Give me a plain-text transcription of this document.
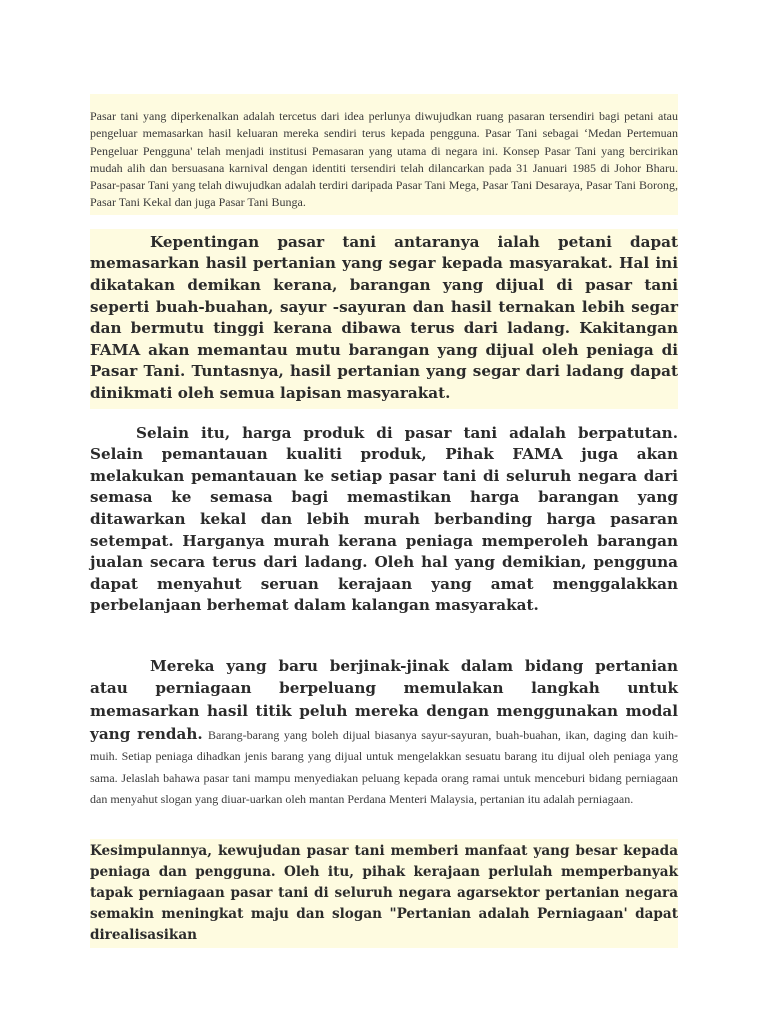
Pasar tani yang diperkenalkan adalah tercetus dari idea perlunya diwujudkan ruang pasaran tersendiri bagi petani atau pengeluar memasarkan hasil keluaran mereka sendiri terus kepada pengguna. Pasar Tani sebagai ‘Medan Pertemuan Pengeluar Pengguna' telah menjadi institusi Pemasaran yang utama di negara ini. Konsep Pasar Tani yang bercirikan mudah alih dan bersuasana karnival dengan identiti tersendiri telah dilancarkan pada 31 Januari 1985 di Johor Bharu. Pasar-pasar Tani yang telah diwujudkan adalah terdiri daripada Pasar Tani Mega, Pasar Tani Desaraya, Pasar Tani Borong, Pasar Tani Kekal dan juga Pasar Tani Bunga.

Kepentingan pasar tani antaranya ialah petani dapat memasarkan hasil pertanian yang segar kepada masyarakat. Hal ini dikatakan demikan kerana, barangan yang dijual di pasar tani seperti buah-buahan, sayur -sayuran dan hasil ternakan lebih segar dan bermutu tinggi kerana dibawa terus dari ladang. Kakitangan FAMA akan memantau mutu barangan yang dijual oleh peniaga di Pasar Tani. Tuntasnya, hasil pertanian yang segar dari ladang dapat dinikmati oleh semua lapisan masyarakat.

Selain itu, harga produk di pasar tani adalah berpatutan. Selain pemantauan kualiti produk, Pihak FAMA juga akan melakukan pemantauan ke setiap pasar tani di seluruh negara dari semasa ke semasa bagi memastikan harga barangan yang ditawarkan kekal dan lebih murah berbanding harga pasaran setempat. Harganya murah kerana peniaga memperoleh barangan jualan secara terus dari ladang. Oleh hal yang demikian, pengguna dapat menyahut seruan kerajaan yang amat menggalakkan perbelanjaan berhemat dalam kalangan masyarakat.

Mereka yang baru berjinak-jinak dalam bidang pertanian atau perniagaan berpeluang memulakan langkah untuk memasarkan hasil titik peluh mereka dengan menggunakan modal yang rendah. Barang-barang yang boleh dijual biasanya sayur-sayuran, buah-buahan, ikan, daging dan kuih-muih. Setiap peniaga dihadkan jenis barang yang dijual untuk mengelakkan sesuatu barang itu dijual oleh peniaga yang sama. Jelaslah bahawa pasar tani mampu menyediakan peluang kepada orang ramai untuk menceburi bidang perniagaan dan menyahut slogan yang diuar-uarkan oleh mantan Perdana Menteri Malaysia, pertanian itu adalah perniagaan.

Kesimpulannya, kewujudan pasar tani memberi manfaat yang besar kepada peniaga dan pengguna. Oleh itu, pihak kerajaan perlulah memperbanyak tapak perniagaan pasar tani di seluruh negara agarsektor pertanian negara semakin meningkat maju dan slogan "Pertanian adalah Perniagaan' dapat direalisasikan
